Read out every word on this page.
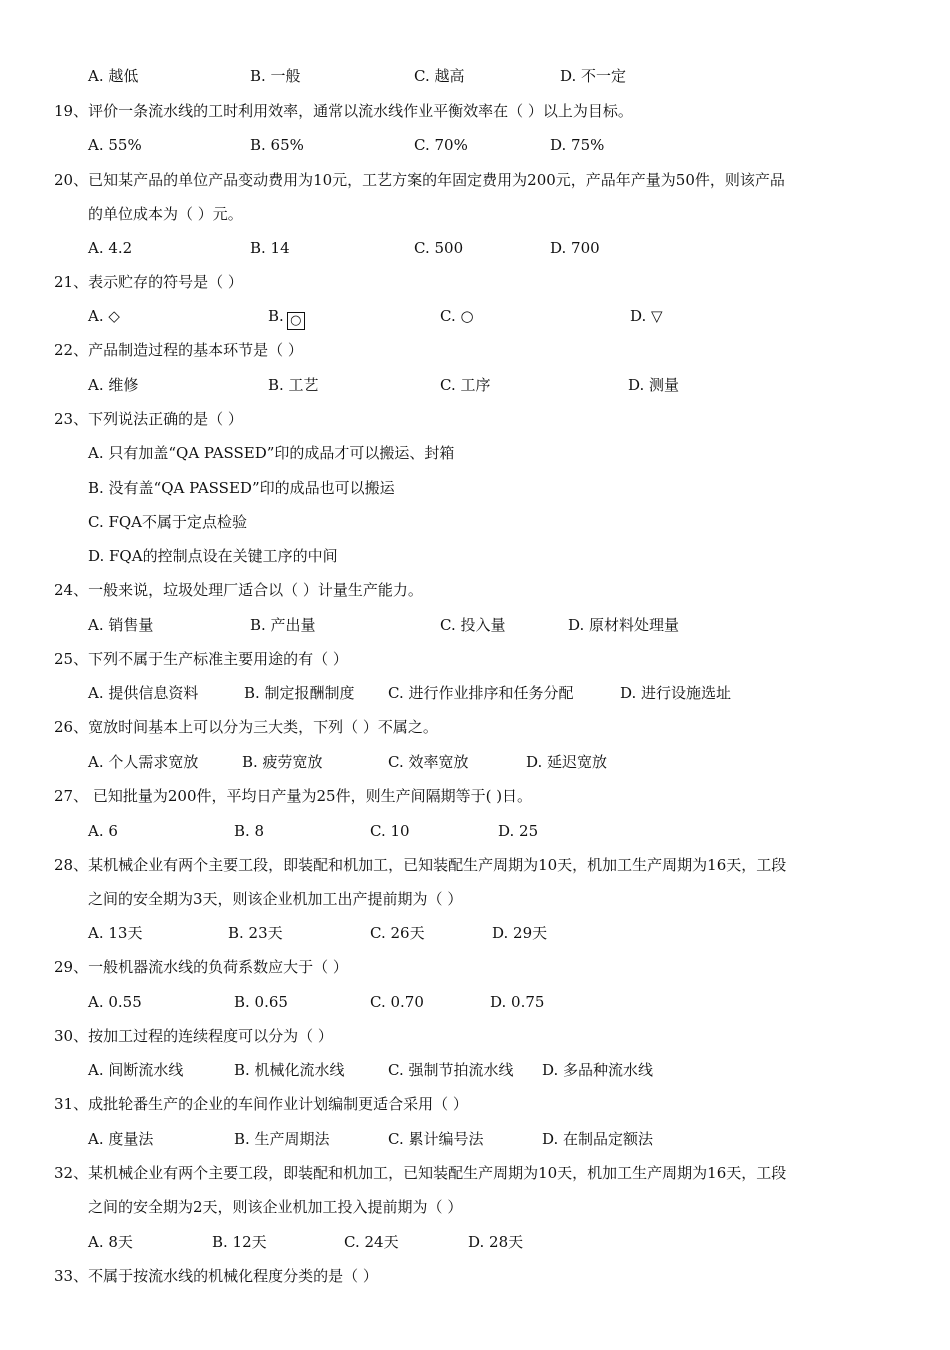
A. 越低	B. 一般	C. 越高	D. 不一定
19、评价一条流水线的工时利用效率，通常以流水线作业平衡效率在（ ）以上为目标。
A. 55%	B. 65%	C. 70%	D. 75%
20、已知某产品的单位产品变动费用为10元，工艺方案的年固定费用为200元，产品年产量为50件，则该产品
的单位成本为（ ）元。
A. 4.2	B. 14	C. 500	D. 700
21、表示贮存的符号是（ ）
A. ◇	B. ○	C. ○	D. ▽
22、产品制造过程的基本环节是（ ）
A. 维修	B. 工艺	C. 工序	D. 测量
23、下列说法正确的是（ ）
A. 只有加盖“QA PASSED”印的成品才可以搬运、封箱
B. 没有盖“QA PASSED”印的成品也可以搬运
C. FQA不属于定点检验
D. FQA的控制点设在关键工序的中间
24、一般来说，垃圾处理厂适合以（ ）计量生产能力。
A. 销售量	B. 产出量	C. 投入量	D. 原材料处理量
25、下列不属于生产标准主要用途的有（ ）
A. 提供信息资料	B. 制定报酬制度 C. 进行作业排序和任务分配	D. 进行设施选址
26、宽放时间基本上可以分为三大类，下列（ ）不属之。
A. 个人需求宽放	B. 疲劳宽放	C. 效率宽放	D. 延迟宽放
27、 已知批量为200件，平均日产量为25件，则生产间隔期等于( )日。
A. 6	B. 8	C. 10	D. 25
28、某机械企业有两个主要工段，即装配和机加工，已知装配生产周期为10天，机加工生产周期为16天，工段
之间的安全期为3天，则该企业机加工出产提前期为（ ）
A. 13天	B. 23天	C. 26天	D. 29天
29、一般机器流水线的负荷系数应大于（ ）
A. 0.55	B. 0.65	C. 0.70	D. 0.75
30、按加工过程的连续程度可以分为（ ）
A. 间断流水线	B. 机械化流水线	C. 强制节拍流水线 D. 多品种流水线
31、成批轮番生产的企业的车间作业计划编制更适合采用（ ）
A. 度量法	B. 生产周期法	C. 累计编号法	D. 在制品定额法
32、某机械企业有两个主要工段，即装配和机加工，已知装配生产周期为10天，机加工生产周期为16天，工段
之间的安全期为2天，则该企业机加工投入提前期为（ ）
A. 8天	B. 12天	C. 24天	D. 28天
33、不属于按流水线的机械化程度分类的是（ ）
